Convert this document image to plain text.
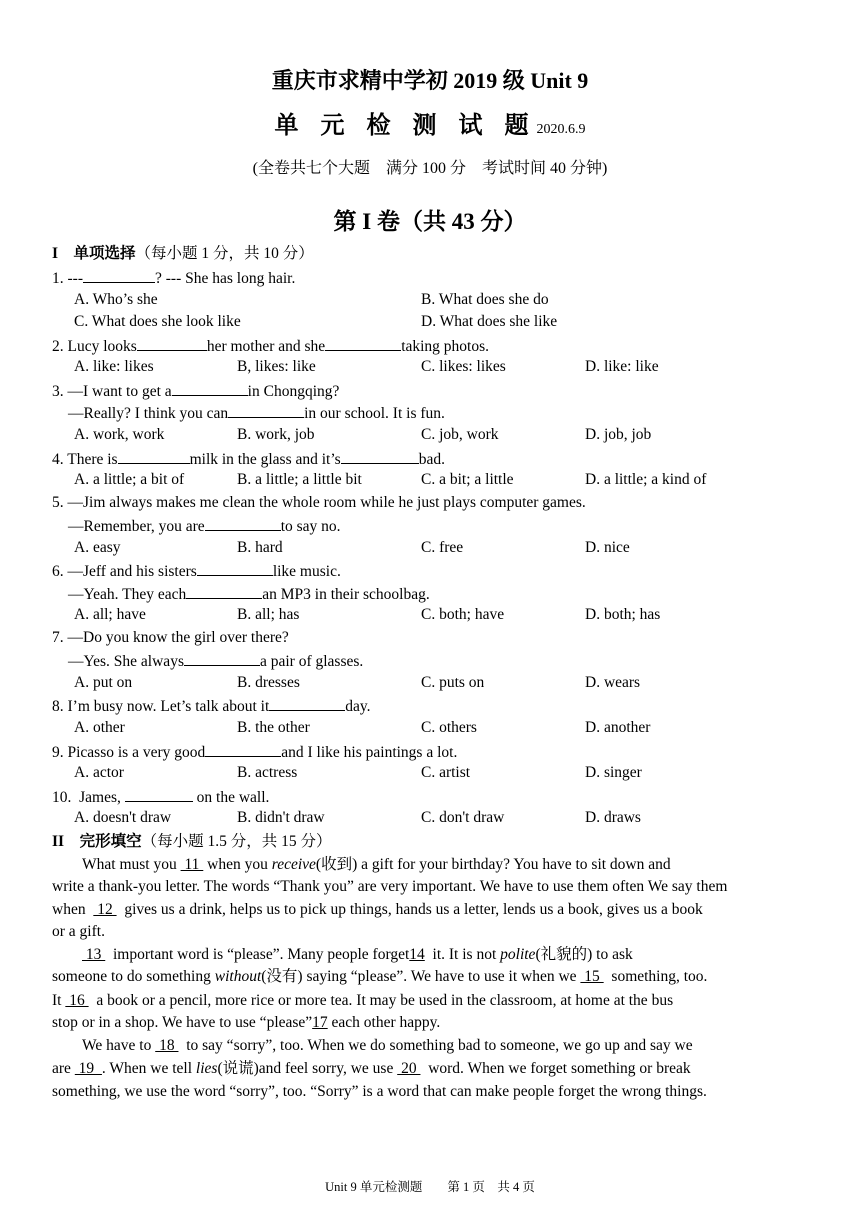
重庆市求精中学初 2019 级 Unit 9
单 元 检 测 试 题2020.6.9
(全卷共七个大题　满分 100 分　考试时间 40 分钟)
第 I 卷（共 43 分）
I　单项选择（每小题 1 分，共 10 分）
1. ---	? --- She has long hair.
A. Who’s she	B. What does she do
C. What does she look like	D. What does she like
2. Lucy looks	her mother and she	taking photos.
A. like: likes	B, likes: like	C. likes: likes	D. like: like
3. —I want to get a	in Chongqing?
—Really? I think you can	in our school. It is fun.
A. work, work	B. work, job	C. job, work	D. job, job
4. There is	milk in the glass and it’s	bad.
A. a little; a bit of	B. a little; a little bit	C. a bit; a little	D. a little; a kind of
5. —Jim always makes me clean the whole room while he just plays computer games.
—Remember, you are	to say no.
A. easy	B. hard	C. free	D. nice
6. —Jeff and his sisters	like music.
—Yeah. They each	an MP3 in their schoolbag.
A. all; have	B. all; has	C. both; have	D. both; has
7. —Do you know the girl over there?
—Yes. She always	a pair of glasses.
A. put on	B. dresses	C. puts on	D. wears
8. I’m busy now. Let’s talk about it	day.
A. other	B. the other	C. others	D. another
9. Picasso is a very good	and I like his paintings a lot.
A. actor	B. actress	C. artist	D. singer
10.  James,	on the wall.
A. doesn't draw	B. didn't draw	C. don't draw	D. draws
II　完形填空（每小题 1.5 分，共 15 分）
What must you  11  when you receive(收到) a gift for your birthday? You have to sit down and
write a thank-you letter. The words “Thank you” are very important. We have to use them often We say them
when   12   gives us a drink, helps us to pick up things, hands us a letter, lends us a book, gives us a book
or a gift.
13   important word is “please”. Many people forget14  it. It is not polite(礼貌的) to ask
someone to do something without(没有) saying “please”. We have to use it when we  15   something, too.
It  16   a book or a pencil, more rice or more tea. It may be used in the classroom, at home at the bus
stop or in a shop. We have to use “please”17 each other happy.
We have to  18   to say “sorry”, too. When we do something bad to someone, we go up and say we
are  19  . When we tell lies(说谎)and feel sorry, we use  20   word. When we forget something or break
something, we use the word “sorry”, too. “Sorry” is a word that can make people forget the wrong things.
Unit 9 单元检测题　　第 1 页　共 4 页
